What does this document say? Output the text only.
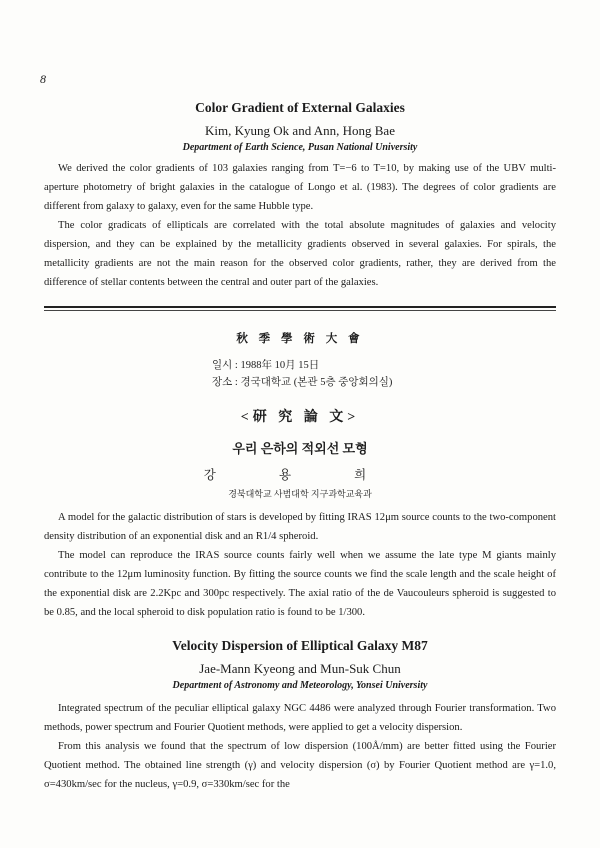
8
Color Gradient of External Galaxies
Kim, Kyung Ok and Ann, Hong Bae
Department of Earth Science, Pusan National University

We derived the color gradients of 103 galaxies ranging from T=−6 to T=10, by making use of the UBV multi-aperture photometry of bright galaxies in the catalogue of Longo et al. (1983). The degrees of color gradients are different from galaxy to galaxy, even for the same Hubble type.

The color gradicats of ellipticals are correlated with the total absolute magnitudes of galaxies and velocity dispersion, and they can be explained by the metallicity gradients observed in several galaxies. For spirals, the metallicity gradients are not the main reason for the observed color gradients, rather, they are derived from the difference of stellar contents between the central and outer part of the galaxies.

秋 季 學 術 大 會
일시 : 1988年 10月 15日
장소 : 경국대학교 (본관 5층 중앙회의실)
<研 究 論 文>
우리 은하의 적외선 모형
강 용 희
경북대학교 사범대학 지구과학교육과

A model for the galactic distribution of stars is developed by fitting IRAS 12μm source counts to the two-component density distribution of an exponential disk and an R1/4 spheroid.

The model can reproduce the IRAS source counts fairly well when we assume the late type M giants mainly contribute to the 12μm luminosity function. By fitting the source counts we find the scale length and the scale height of the exponential disk are 2.2Kpc and 300pc respectively. The axial ratio of the de Vaucouleurs spheroid is suggested to be 0.85, and the local spheroid to disk population ratio is found to be 1/300.

Velocity Dispersion of Elliptical Galaxy M87
Jae-Mann Kyeong and Mun-Suk Chun
Department of Astronomy and Meteorology, Yonsei University

Integrated spectrum of the peculiar elliptical galaxy NGC 4486 were analyzed through Fourier transformation. Two methods, power spectrum and Fourier Quotient methods, were applied to get a velocity dispersion.

From this analysis we found that the spectrum of low dispersion (100Å/mm) are better fitted using the Fourier Quotient method. The obtained line strength (γ) and velocity dispersion (σ) by Fourier Quotient method are γ=1.0, σ=430km/sec for the nucleus, γ=0.9, σ=330km/sec for the
